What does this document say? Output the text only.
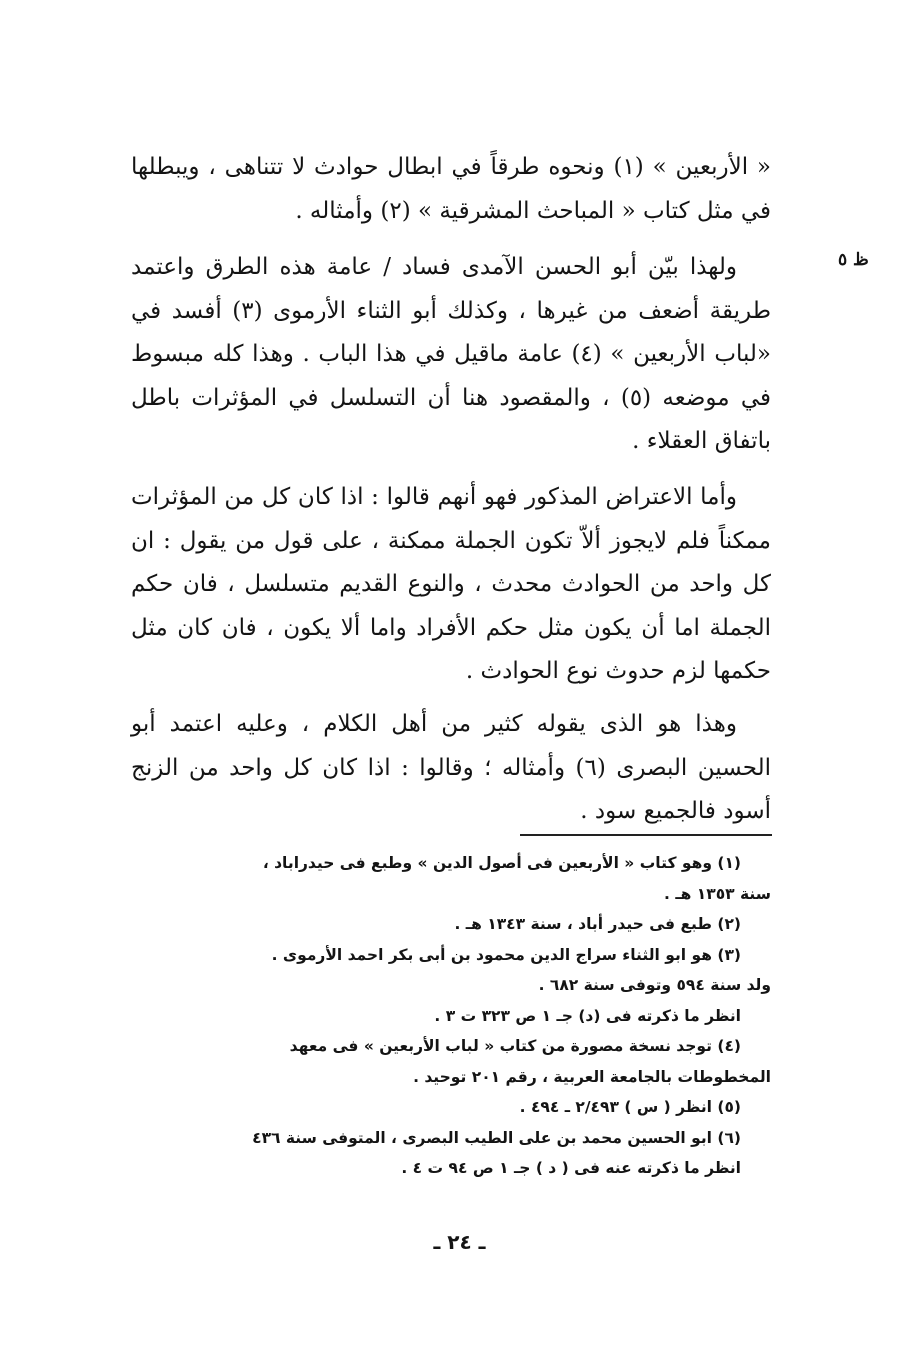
ظ ٥

« الأربعين » (١) ونحوه طرقاً في ابطال حوادث لا تتناهى ، ويبطلها في مثل كتاب « المباحث المشرقية » (٢) وأمثاله .

ولهذا بيّن أبو الحسن الآمدى فساد / عامة هذه الطرق واعتمد طريقة أضعف من غيرها ، وكذلك أبو الثناء الأرموى (٣) أفسد في «لباب الأربعين » (٤) عامة ماقيل في هذا الباب . وهذا كله مبسوط في موضعه (٥) ، والمقصود هنا أن التسلسل في المؤثرات باطل باتفاق العقلاء .

وأما الاعتراض المذكور فهو أنهم قالوا : اذا كان كل من المؤثرات ممكناً فلم لايجوز ألاّ تكون الجملة ممكنة ، على قول من يقول : ان كل واحد من الحوادث محدث ، والنوع القديم متسلسل ، فان حكم الجملة اما أن يكون مثل حكم الأفراد واما ألا يكون ، فان كان مثل حكمها لزم حدوث نوع الحوادث .

وهذا هو الذى يقوله كثير من أهل الكلام ، وعليه اعتمد أبو الحسين البصرى (٦) وأمثاله ؛ وقالوا : اذا كان كل واحد من الزنج أسود فالجميع سود .

(١) وهو كتاب « الأربعين فى أصول الدين » وطبع فى حيدراباد ،

سنة ١٣٥٣ هـ .

(٢) طبع فى حيدر أباد ، سنة ١٣٤٣ هـ .

(٣) هو ابو الثناء سراج الدين محمود بن أبى بكر احمد الأرموى .

ولد سنة ٥٩٤ وتوفى سنة ٦٨٢ .

انظر ما ذكرته فى (د) جـ ١ ص ٣٢٣ ت ٣ .

(٤) توجد نسخة مصورة من كتاب « لباب الأربعين » فى معهد

المخطوطات بالجامعة العربية ، رقم ٢٠١ توحيد .

(٥) انظر ( س ) ٢/٤٩٣ ـ ٤٩٤ .

(٦) ابو الحسين محمد بن على الطيب البصرى ، المتوفى سنة ٤٣٦

انظر ما ذكرته عنه فى ( د ) جـ ١ ص ٩٤ ت ٤ .

ـ ٢٤ ـ
